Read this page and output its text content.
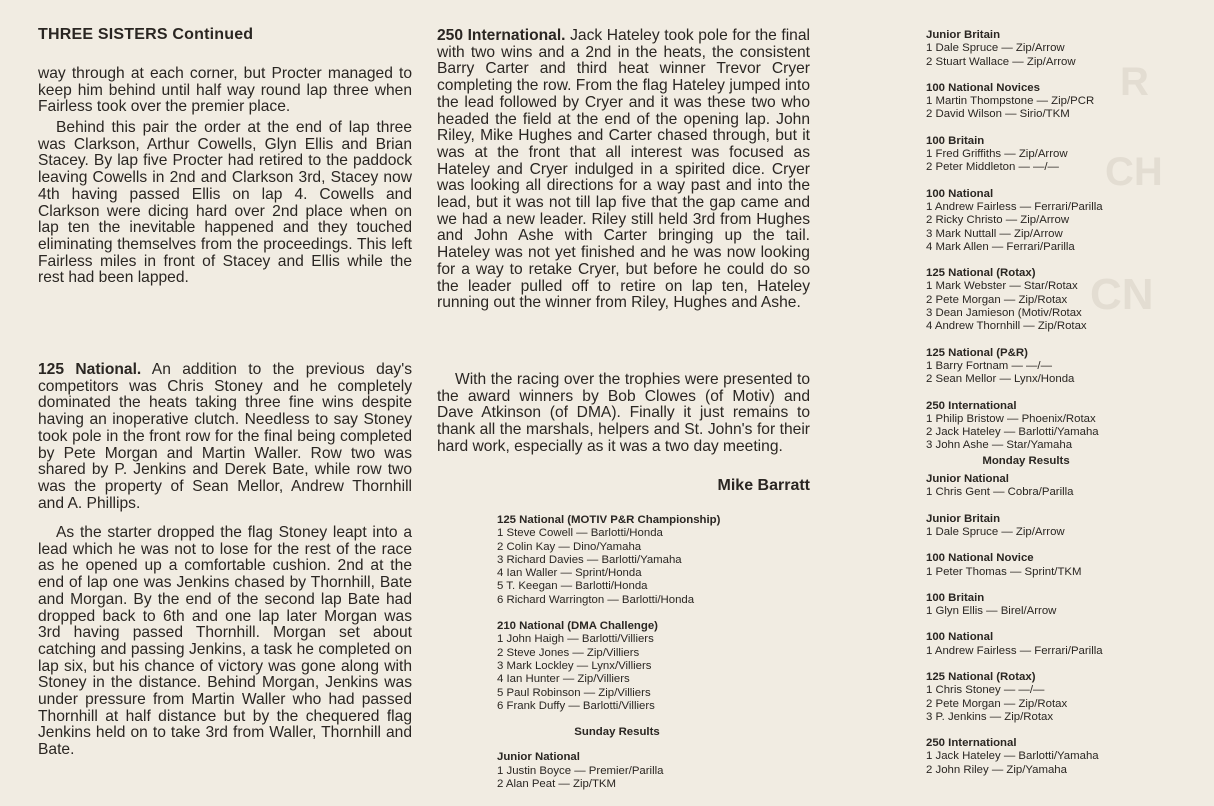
R
CH
CN
THREE SISTERS Continued
way through at each corner, but Procter managed to keep him behind until half way round lap three when Fairless took over the premier place.
Behind this pair the order at the end of lap three was Clarkson, Arthur Cowells, Glyn Ellis and Brian Stacey. By lap five Procter had retired to the paddock leaving Cowells in 2nd and Clarkson 3rd, Stacey now 4th having passed Ellis on lap 4. Cowells and Clarkson were dicing hard over 2nd place when on lap ten the inevitable happened and they touched eliminating themselves from the proceedings. This left Fairless miles in front of Stacey and Ellis while the rest had been lapped.
125 National. An addition to the previous day's competitors was Chris Stoney and he completely dominated the heats taking three fine wins despite having an inoperative clutch. Needless to say Stoney took pole in the front row for the final being completed by Pete Morgan and Martin Waller. Row two was shared by P. Jenkins and Derek Bate, while row two was the property of Sean Mellor, Andrew Thornhill and A. Phillips.
As the starter dropped the flag Stoney leapt into a lead which he was not to lose for the rest of the race as he opened up a comfortable cushion. 2nd at the end of lap one was Jenkins chased by Thornhill, Bate and Morgan. By the end of the second lap Bate had dropped back to 6th and one lap later Morgan was 3rd having passed Thornhill. Morgan set about catching and passing Jenkins, a task he completed on lap six, but his chance of victory was gone along with Stoney in the distance. Behind Morgan, Jenkins was under pressure from Martin Waller who had passed Thornhill at half distance but by the chequered flag Jenkins held on to take 3rd from Waller, Thornhill and Bate.
250 International. Jack Hateley took pole for the final with two wins and a 2nd in the heats, the consistent Barry Carter and third heat winner Trevor Cryer completing the row. From the flag Hateley jumped into the lead followed by Cryer and it was these two who headed the field at the end of the opening lap. John Riley, Mike Hughes and Carter chased through, but it was at the front that all interest was focused as Hateley and Cryer indulged in a spirited dice. Cryer was looking all directions for a way past and into the lead, but it was not till lap five that the gap came and we had a new leader. Riley still held 3rd from Hughes and John Ashe with Carter bringing up the tail. Hateley was not yet finished and he was now looking for a way to retake Cryer, but before he could do so the leader pulled off to retire on lap ten, Hateley running out the winner from Riley, Hughes and Ashe.
With the racing over the trophies were presented to the award winners by Bob Clowes (of Motiv) and Dave Atkinson (of DMA). Finally it just remains to thank all the marshals, helpers and St. John's for their hard work, especially as it was a two day meeting.
Mike Barratt
125 National (MOTIV P&R Championship)
1 Steve Cowell — Barlotti/Honda
2 Colin Kay — Dino/Yamaha
3 Richard Davies — Barlotti/Yamaha
4 Ian Waller — Sprint/Honda
5 T. Keegan — Barlotti/Honda
6 Richard Warrington — Barlotti/Honda
210 National (DMA Challenge)
1 John Haigh — Barlotti/Villiers
2 Steve Jones — Zip/Villiers
3 Mark Lockley — Lynx/Villiers
4 Ian Hunter — Zip/Villiers
5 Paul Robinson — Zip/Villiers
6 Frank Duffy — Barlotti/Villiers
Sunday Results
Junior National
1 Justin Boyce — Premier/Parilla
2 Alan Peat — Zip/TKM
Junior Britain
1 Dale Spruce — Zip/Arrow
2 Stuart Wallace — Zip/Arrow
100 National Novices
1 Martin Thompstone — Zip/PCR
2 David Wilson — Sirio/TKM
100 Britain
1 Fred Griffiths — Zip/Arrow
2 Peter Middleton — —/—
100 National
1 Andrew Fairless — Ferrari/Parilla
2 Ricky Christo — Zip/Arrow
3 Mark Nuttall — Zip/Arrow
4 Mark Allen — Ferrari/Parilla
125 National (Rotax)
1 Mark Webster — Star/Rotax
2 Pete Morgan — Zip/Rotax
3 Dean Jamieson (Motiv/Rotax
4 Andrew Thornhill — Zip/Rotax
125 National (P&R)
1 Barry Fortnam — —/—
2 Sean Mellor — Lynx/Honda
250 International
1 Philip Bristow — Phoenix/Rotax
2 Jack Hateley — Barlotti/Yamaha
3 John Ashe — Star/Yamaha
Monday Results
Junior National
1 Chris Gent — Cobra/Parilla
Junior Britain
1 Dale Spruce — Zip/Arrow
100 National Novice
1 Peter Thomas — Sprint/TKM
100 Britain
1 Glyn Ellis — Birel/Arrow
100 National
1 Andrew Fairless — Ferrari/Parilla
125 National (Rotax)
1 Chris Stoney — —/—
2 Pete Morgan — Zip/Rotax
3 P. Jenkins — Zip/Rotax
250 International
1 Jack Hateley — Barlotti/Yamaha
2 John Riley — Zip/Yamaha
